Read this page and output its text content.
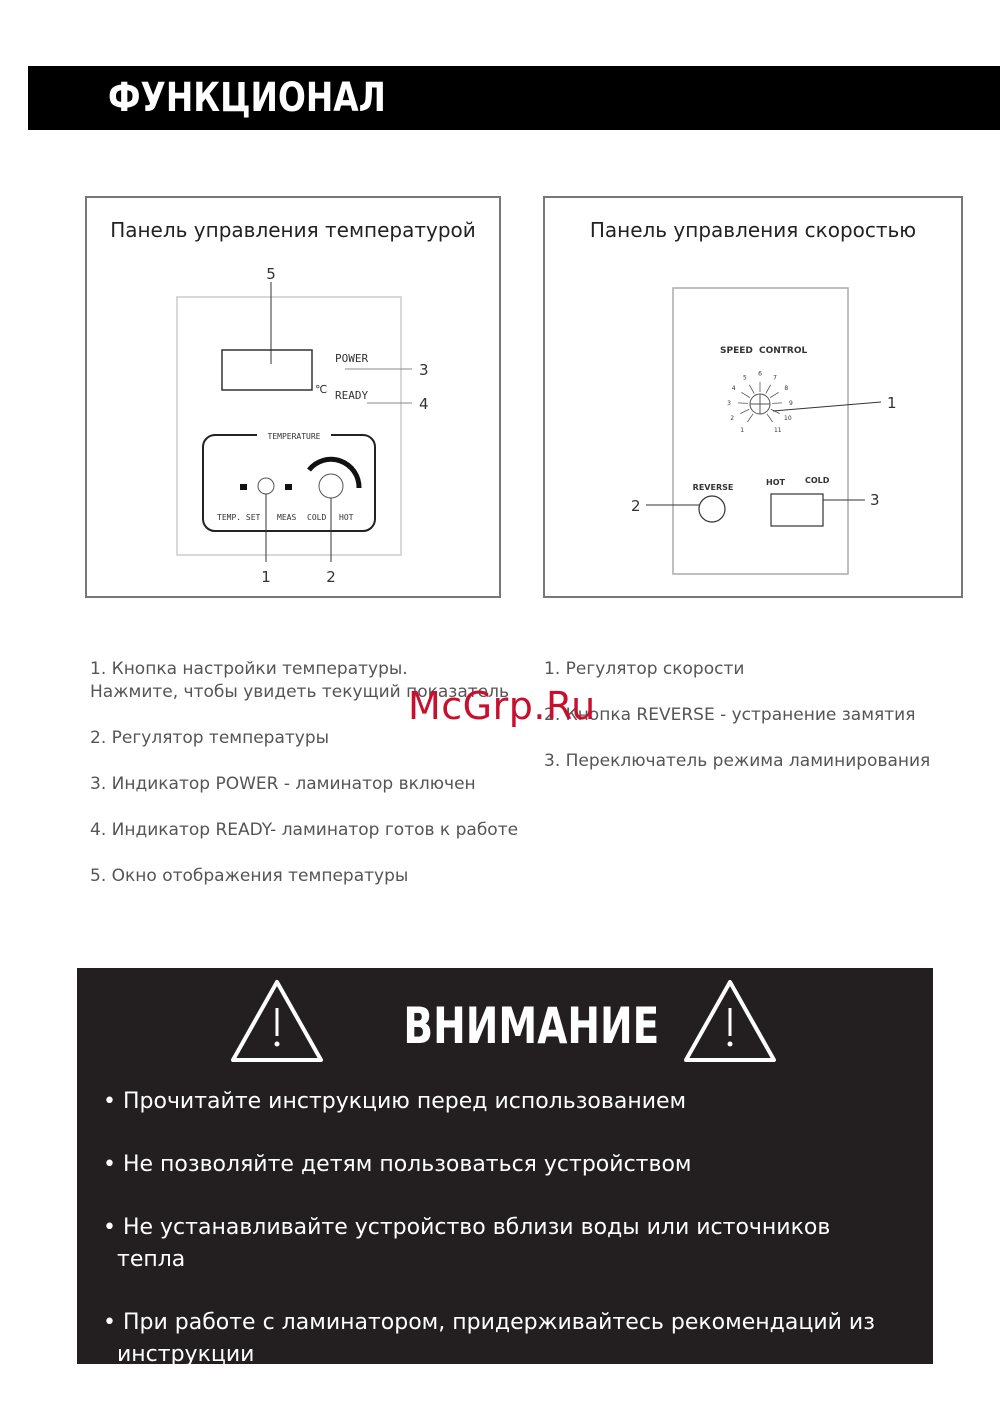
ФУНКЦИОНАЛ
Панель управления температурой
5
℃
POWER
READY
3
4
TEMPERATURE
TEMP. SET MEAS COLD HOT
1	2
Панель управления скоростью
SPEED CONTROL
1
2
3
4
5
6
7
8
9
10
11
1
REVERSE
2
HOT	COLD
3
1. Кнопка настройки температуры.
Нажмите, чтобы увидеть текущий показатель
2. Регулятор температуры
3. Индикатор POWER - ламинатор включен
4. Индикатор READY- ламинатор готов к работе
5. Окно отображения температуры
1. Регулятор скорости
2. Кнопка REVERSE - устранение замятия
3. Переключатель режима ламинирования
McGrp.Ru
ВНИМАНИЕ
• Прочитайте инструкцию перед использованием
• Не позволяйте детям пользоваться устройством
• Не устанавливайте устройство вблизи воды или источников тепла
• При работе с ламинатором, придерживайтесь рекомендаций из инструкции
